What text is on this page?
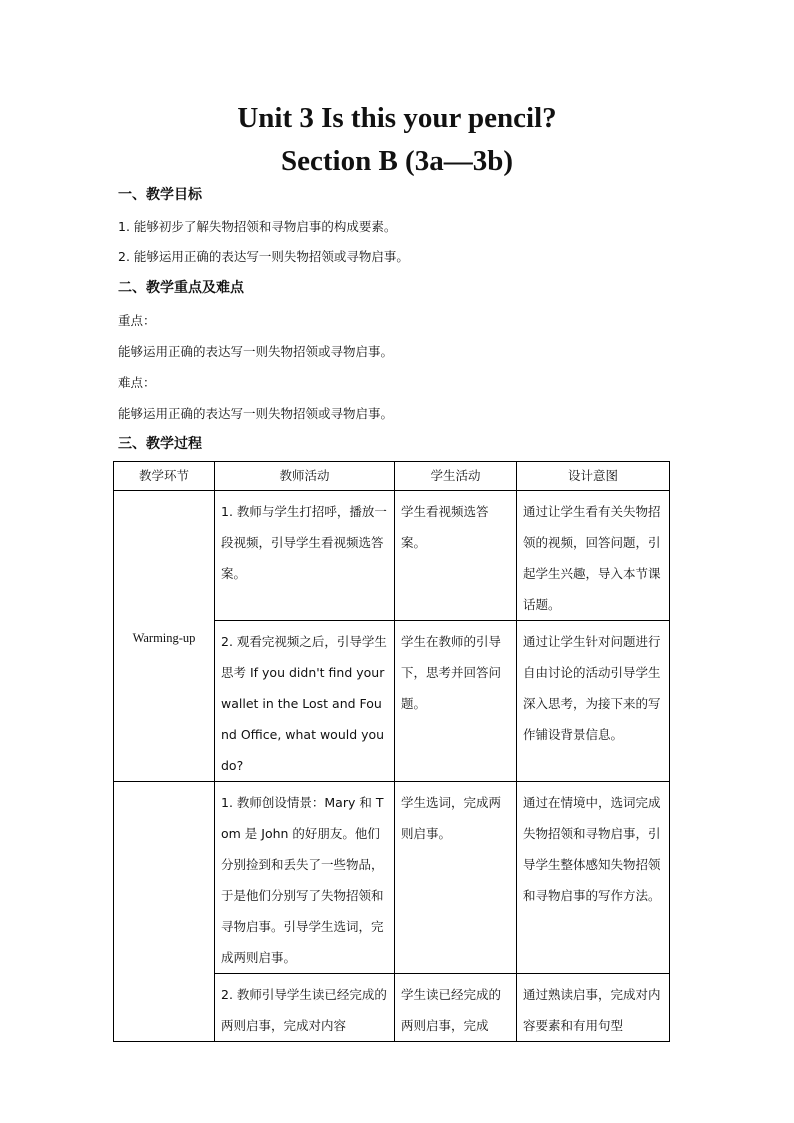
Unit 3 Is this your pencil?
Section B (3a—3b)
一、教学目标
1. 能够初步了解失物招领和寻物启事的构成要素。
2. 能够运用正确的表达写一则失物招领或寻物启事。
二、教学重点及难点
重点：
能够运用正确的表达写一则失物招领或寻物启事。
难点：
能够运用正确的表达写一则失物招领或寻物启事。
三、教学过程
教学环节	教师活动	学生活动	设计意图
Warming-up	1. 教师与学生打招呼，播放一段视频，引导学生看视频选答案。	学生看视频选答案。	通过让学生看有关失物招领的视频，回答问题，引起学生兴趣，导入本节课话题。
	2. 观看完视频之后，引导学生思考 If you didn't find your wallet in the Lost and Found Office, what would you do?	学生在教师的引导下，思考并回答问题。	通过让学生针对问题进行自由讨论的活动引导学生深入思考，为接下来的写作铺设背景信息。
	1. 教师创设情景：Mary 和 Tom 是 John 的好朋友。他们分别捡到和丢失了一些物品，于是他们分别写了失物招领和寻物启事。引导学生选词，完成两则启事。	学生选词，完成两则启事。	通过在情境中，选词完成失物招领和寻物启事，引导学生整体感知失物招领和寻物启事的写作方法。
	2. 教师引导学生读已经完成的两则启事，完成对内容	学生读已经完成的两则启事，完成	通过熟读启事，完成对内容要素和有用句型
